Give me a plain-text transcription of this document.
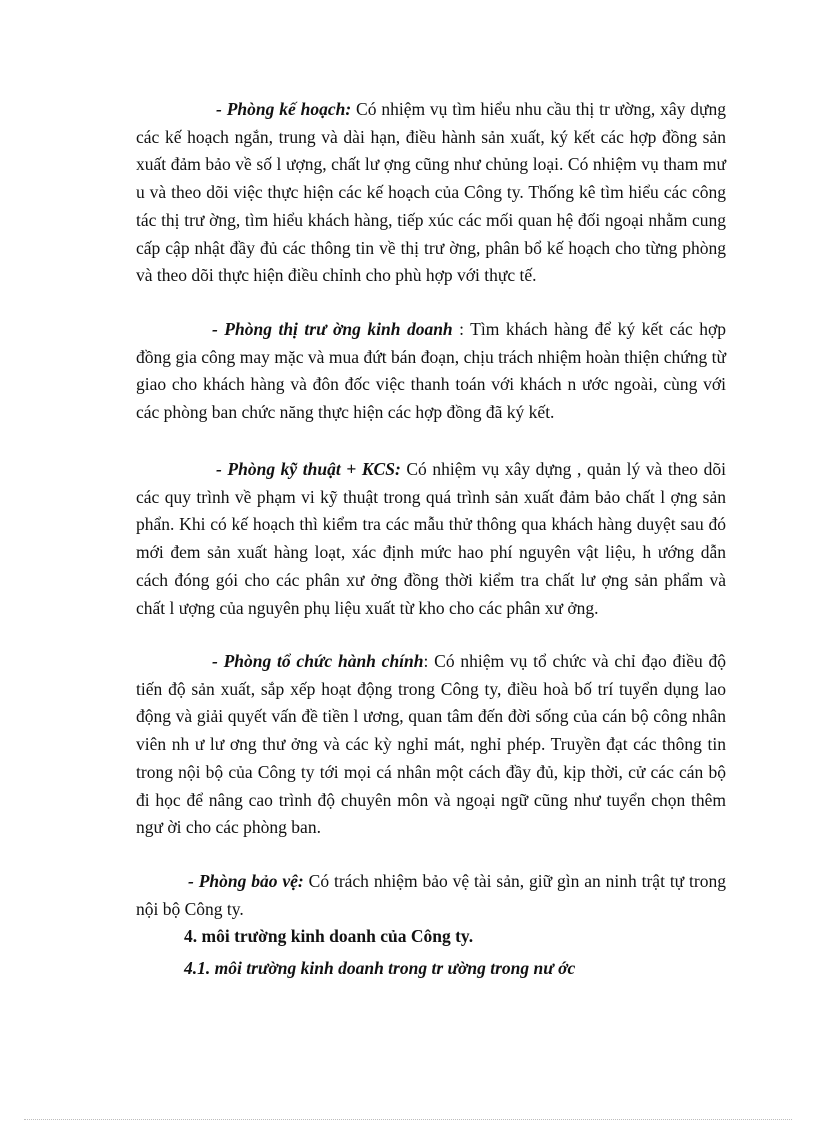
- Phòng kế hoạch: Có nhiệm vụ tìm hiểu nhu cầu thị tr ường, xây dựng các kế hoạch ngắn, trung và dài hạn, điều hành sản xuất, ký kết các hợp đồng sản xuất đảm bảo về số l ượng, chất lư ợng cũng như chủng loại. Có nhiệm vụ tham mư u và theo dõi việc thực hiện các kế hoạch của Công ty. Thống kê tìm hiểu các công tác thị trư ờng, tìm hiểu khách hàng, tiếp xúc các mối quan hệ đối ngoại nhằm cung cấp cập nhật đầy đủ các thông tin về thị trư ờng, phân bổ kế hoạch cho từng phòng và theo dõi thực hiện điều chỉnh cho phù hợp với thực tế.

- Phòng thị trư ờng kinh doanh : Tìm khách hàng để ký kết các hợp đồng gia công may mặc và mua đứt bán đoạn, chịu trách nhiệm hoàn thiện chứng từ giao cho khách hàng và đôn đốc việc thanh toán với khách n ước ngoài, cùng với các phòng ban chức năng thực hiện các hợp đồng đã ký kết.

- Phòng kỹ thuật + KCS: Có nhiệm vụ xây dựng , quản lý và theo dõi các quy trình về phạm vi kỹ thuật trong quá trình sản xuất đảm bảo chất l ợng sản phẩn. Khi có kế hoạch thì kiểm tra các mẫu thử thông qua khách hàng duyệt sau đó mới đem sản xuất hàng loạt, xác định mức hao phí nguyên vật liệu, h ướng dẫn cách đóng gói cho các phân xư ởng đồng thời kiểm tra chất lư ợng sản phẩm và chất l ượng của nguyên phụ liệu xuất từ kho cho các phân xư ởng.

- Phòng tổ chức hành chính: Có nhiệm vụ tổ chức và chỉ đạo điều độ tiến độ sản xuất, sắp xếp hoạt động trong Công ty, điều hoà bố trí tuyển dụng lao động và giải quyết vấn đề tiền l ương, quan tâm đến đời sống của cán bộ công nhân viên nh ư lư ơng thư ởng và các kỳ nghỉ mát, nghỉ phép. Truyền đạt các thông tin trong nội bộ của Công ty tới mọi cá nhân một cách đầy đủ, kịp thời, cử các cán bộ đi học để nâng cao trình độ chuyên môn và ngoại ngữ cũng như tuyển chọn thêm ngư ời cho các phòng ban.

- Phòng bảo vệ: Có trách nhiệm bảo vệ tài sản, giữ gìn an ninh trật tự trong nội bộ Công ty.

4. môi trường kinh doanh của Công ty.

4.1. môi trường kinh doanh trong tr ường trong nư ớc
